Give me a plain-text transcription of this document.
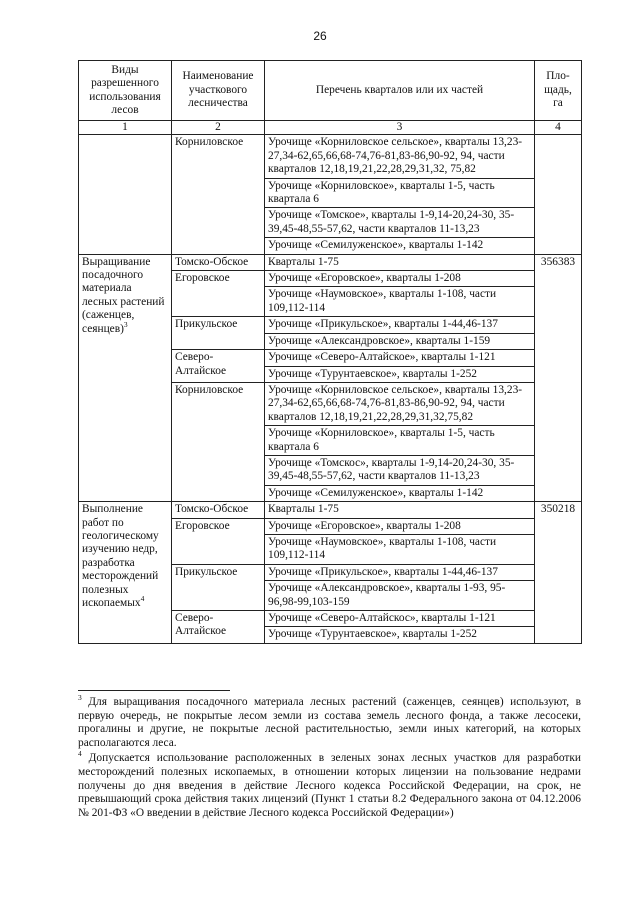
26
Виды разрешенного использования лесов	Наименование участкового лесничества	Перечень кварталов или их частей	Пло-щадь, га
1	2	3	4
	Корниловское	Урочище «Корниловское сельское», кварталы 13,23-27,34-62,65,66,68-74,76-81,83-86,90-92, 94, части кварталов 12,18,19,21,22,28,29,31,32, 75,82	
		Урочище «Корниловское», кварталы 1-5, часть квартала 6	
		Урочище «Томское», кварталы 1-9,14-20,24-30, 35-39,45-48,55-57,62, части кварталов 11-13,23	
		Урочище «Семилуженское», кварталы 1-142	
Выращивание посадочного материала лесных растений (саженцев, сеянцев)$^3$	Томско-Обское	Кварталы 1-75	356383
	Егоровское	Урочище «Егоровское», кварталы 1-208	
		Урочище «Наумовское», кварталы 1-108, части 109,112-114	
	Прикульское	Урочище «Прикульское», кварталы 1-44,46-137	
		Урочище «Александровское», кварталы 1-159	
	Северо-Алтайское	Урочище «Северо-Алтайское», кварталы 1-121	
		Урочище «Турунтаевское», кварталы 1-252	
	Корниловское	Урочище «Корниловское сельское», кварталы 13,23-27,34-62,65,66,68-74,76-81,83-86,90-92, 94, части кварталов 12,18,19,21,22,28,29,31,32,75,82	
		Урочище «Корниловское», кварталы 1-5, часть квартала 6	
		Урочище «Томскос», кварталы 1-9,14-20,24-30, 35-39,45-48,55-57,62, части кварталов 11-13,23	
		Урочище «Семилуженское», кварталы 1-142	
Выполнение работ по геологическому изучению недр, разработка месторождений полезных ископаемых$^4$	Томско-Обское	Кварталы 1-75	350218
	Егоровское	Урочище «Егоровское», кварталы 1-208	
		Урочище «Наумовское», кварталы 1-108, части 109,112-114	
	Прикульское	Урочище «Прикульское», кварталы 1-44,46-137	
		Урочище «Александровское», кварталы 1-93, 95-96,98-99,103-159	
	Северо-Алтайское	Урочище «Северо-Алтайскос», кварталы 1-121	
		Урочище «Турунтаевское», кварталы 1-252	

$^3$ Для выращивания посадочного материала лесных растений (саженцев, сеянцев) используют, в первую очередь, не покрытые лесом земли из состава земель лесного фонда, а также лесосеки, прогалины и другие, не покрытые лесной растительностью, земли иных категорий, на которых располагаются леса.

$^4$ Допускается использование расположенных в зеленых зонах лесных участков для разработки месторождений полезных ископаемых, в отношении которых лицензии на пользование недрами получены до дня введения в действие Лесного кодекса Российской Федерации, на срок, не превышающий срока действия таких лицензий (Пункт 1 статьи 8.2 Федерального закона от 04.12.2006 № 201-ФЗ «О введении в действие Лесного кодекса Российской Федерации»)
